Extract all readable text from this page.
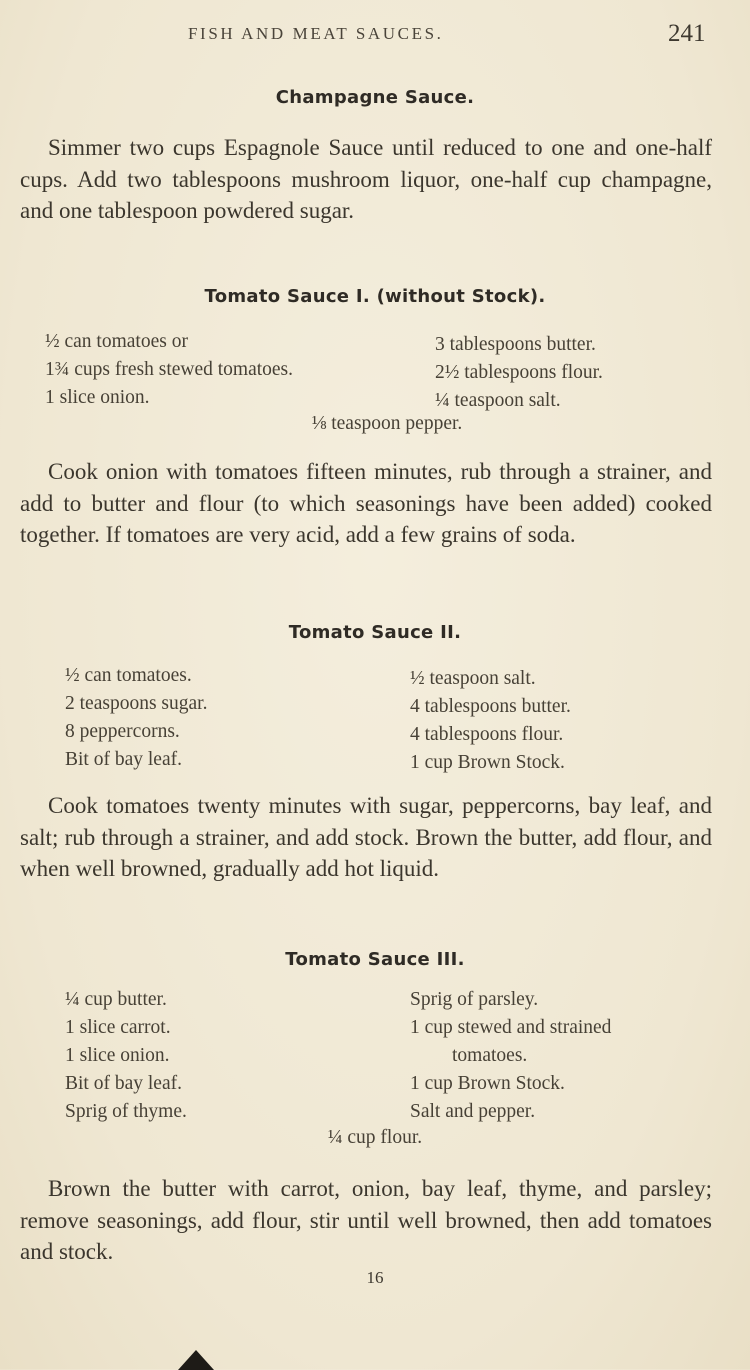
FISH AND MEAT SAUCES.	241
Champagne Sauce.
Simmer two cups Espagnole Sauce until reduced to one and one-half cups. Add two tablespoons mushroom liquor, one-half cup champagne, and one tablespoon powdered sugar.
Tomato Sauce I. (without Stock).
½ can tomatoes or
1¾ cups fresh stewed tomatoes.
1 slice onion.
3 tablespoons butter.
2½ tablespoons flour.
¼ teaspoon salt.
⅛ teaspoon pepper.
Cook onion with tomatoes fifteen minutes, rub through a strainer, and add to butter and flour (to which seasonings have been added) cooked together. If tomatoes are very acid, add a few grains of soda.
Tomato Sauce II.
½ can tomatoes.
2 teaspoons sugar.
8 peppercorns.
Bit of bay leaf.
½ teaspoon salt.
4 tablespoons butter.
4 tablespoons flour.
1 cup Brown Stock.
Cook tomatoes twenty minutes with sugar, peppercorns, bay leaf, and salt; rub through a strainer, and add stock. Brown the butter, add flour, and when well browned, gradually add hot liquid.
Tomato Sauce III.
¼ cup butter.
1 slice carrot.
1 slice onion.
Bit of bay leaf.
Sprig of thyme.
Sprig of parsley.
1 cup stewed and strained
tomatoes.
1 cup Brown Stock.
Salt and pepper.
¼ cup flour.
Brown the butter with carrot, onion, bay leaf, thyme, and parsley; remove seasonings, add flour, stir until well browned, then add tomatoes and stock.
16
